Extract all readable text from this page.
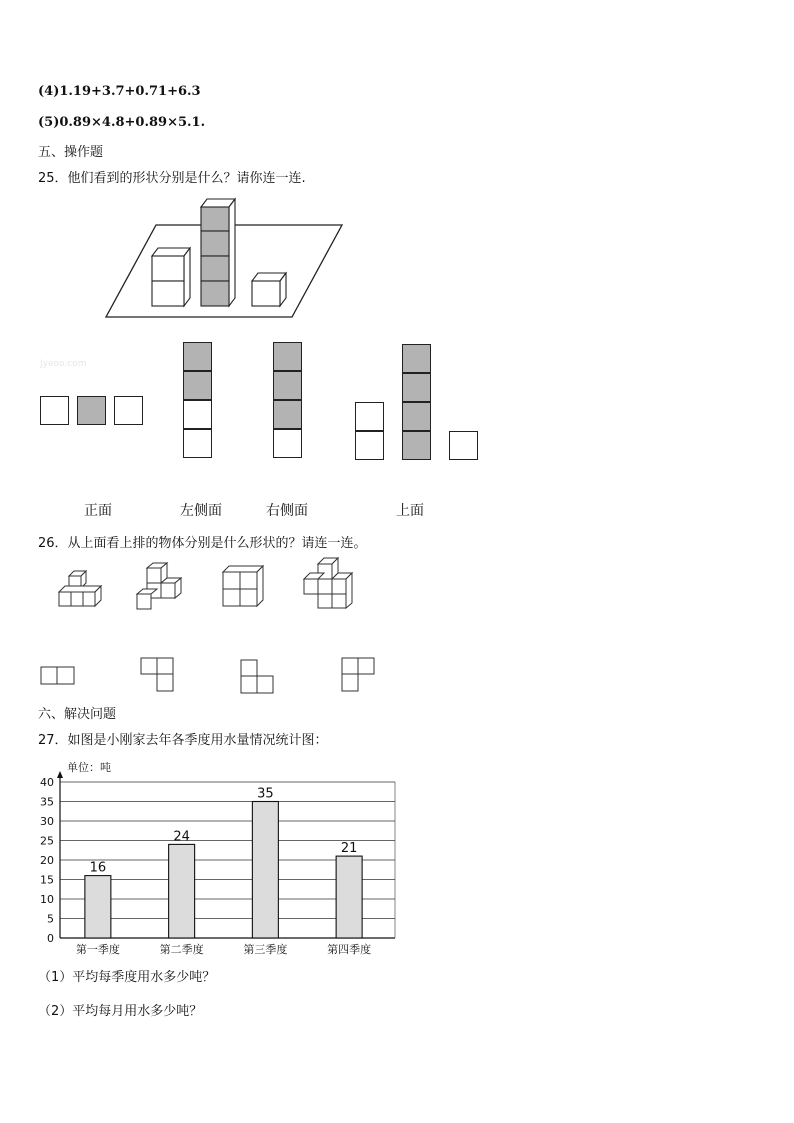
(4)1.19+3.7+0.71+6.3
(5)0.89×4.8+0.89×5.1.
五、操作题
25．他们看到的形状分别是什么？请你连一连.
Jyeoo.com
正面	左侧面	右侧面	上面
26．从上面看上排的物体分别是什么形状的？请连一连。
六、解决问题
27．如图是小刚家去年各季度用水量情况统计图：
单位：吨
0
5
10
15
20
25
30
35
40
16
24
35
21
第一季度	第二季度	第三季度	第四季度
（1）平均每季度用水多少吨？
（2）平均每月用水多少吨？
